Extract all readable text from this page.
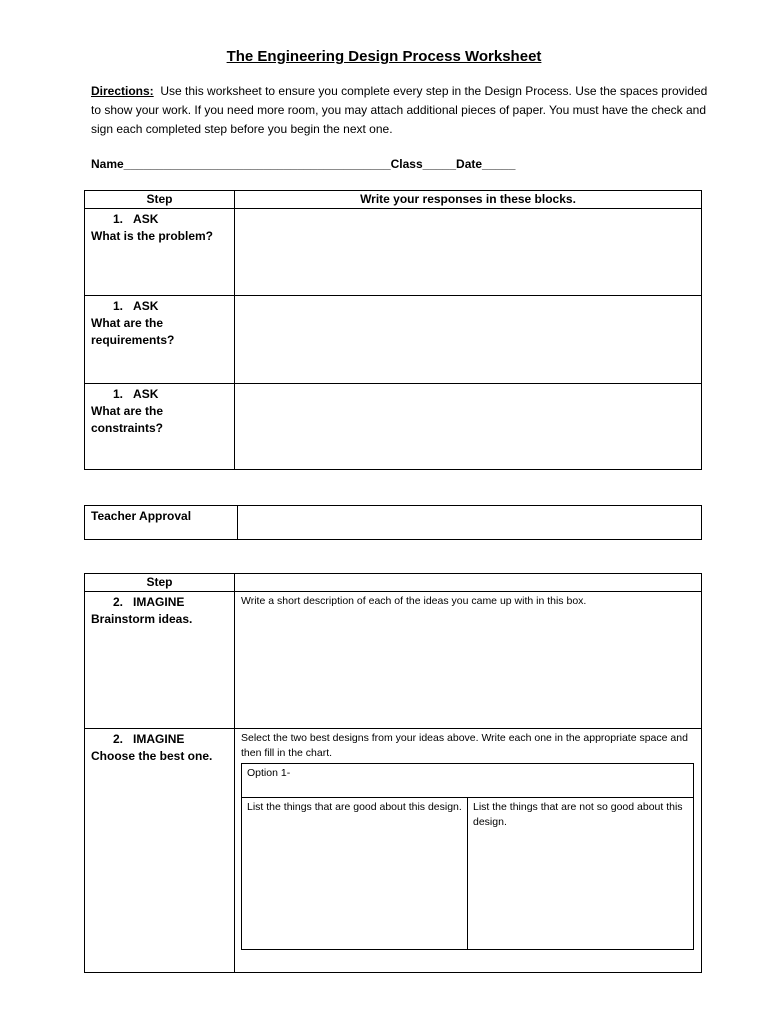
The Engineering Design Process Worksheet
Directions: Use this worksheet to ensure you complete every step in the Design Process. Use the spaces provided to show your work. If you need more room, you may attach additional pieces of paper. You must have the check and sign each completed step before you begin the next one.
Name________________________________________Class_____Date_____
Step	Write your responses in these blocks.

1. ASK
What is the problem?	

1. ASK
What are the requirements?	

1. ASK
What are the constraints?	

Teacher Approval	
Step	

2. IMAGINE
Brainstorm ideas.

Write a short description of each of the ideas you came up with in this box.

2. IMAGINE
Choose the best one.

Select the two best designs from your ideas above. Write each one in the appropriate space and then fill in the chart.
Option 1-
List the things that are good about this design.	List the things that are not so good about this design.
